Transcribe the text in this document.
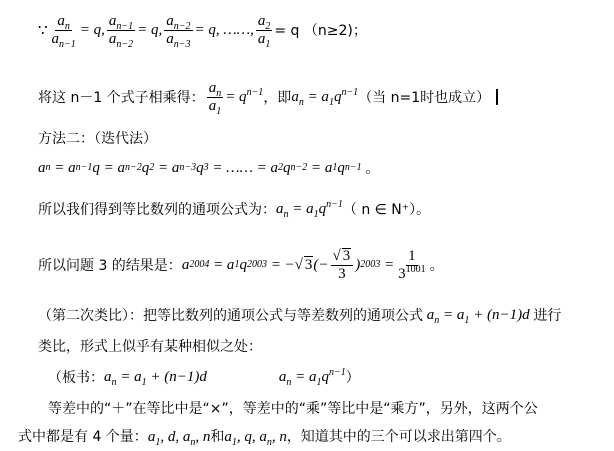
∵ $\frac{a_n}{a_{n-1}} = q$, $\frac{a_{n-1}}{a_{n-2}} = q$, $\frac{a_{n-2}}{a_{n-3}} = q$, ……, $\frac{a_2}{a_1} = q$ （n≥2)；
将这 n－1 个式子相乘得： $\frac{a_n}{a_1} = q^{n-1}$ ，即 $a_n = a_1q^{n-1}$ （当 n=1时也成立）
方法二：（迭代法）
a n = a n−1 q = a n−2 q 2 = a n−3 q 3 = …… = a 2 q n−2 = a 1 q n−1
。
所以我们得到等比数列的通项公式为： $a_n = a_1q^{n-1}$ （ n ∈ N⁺）。
所以问题 3 的结果是： a 2004 = a 1 q 2003 = −√ 3 (− $\frac{√ 3}{3}$ ) $2003 = \frac{1}{3^{1001}}$ 。
（第二次类比）：把等比数列的通项公式与等差数列的通项公式 $a_n = a_1 + (n-1)d$ 进行
类比，形式上似乎有某种相似之处：
（板书： $a_n = a_1 + (n-1)d$	$a_n = a_1q^{n-1}$ ）
等差中的“＋”在等比中是“×”，等差中的“乘”等比中是“乘方”，另外，这两个公
式中都是有 4 个量： $a_1$, d, $a_n$, n和$a_1$, q, $a_n$, n ，知道其中的三个可以求出第四个。
